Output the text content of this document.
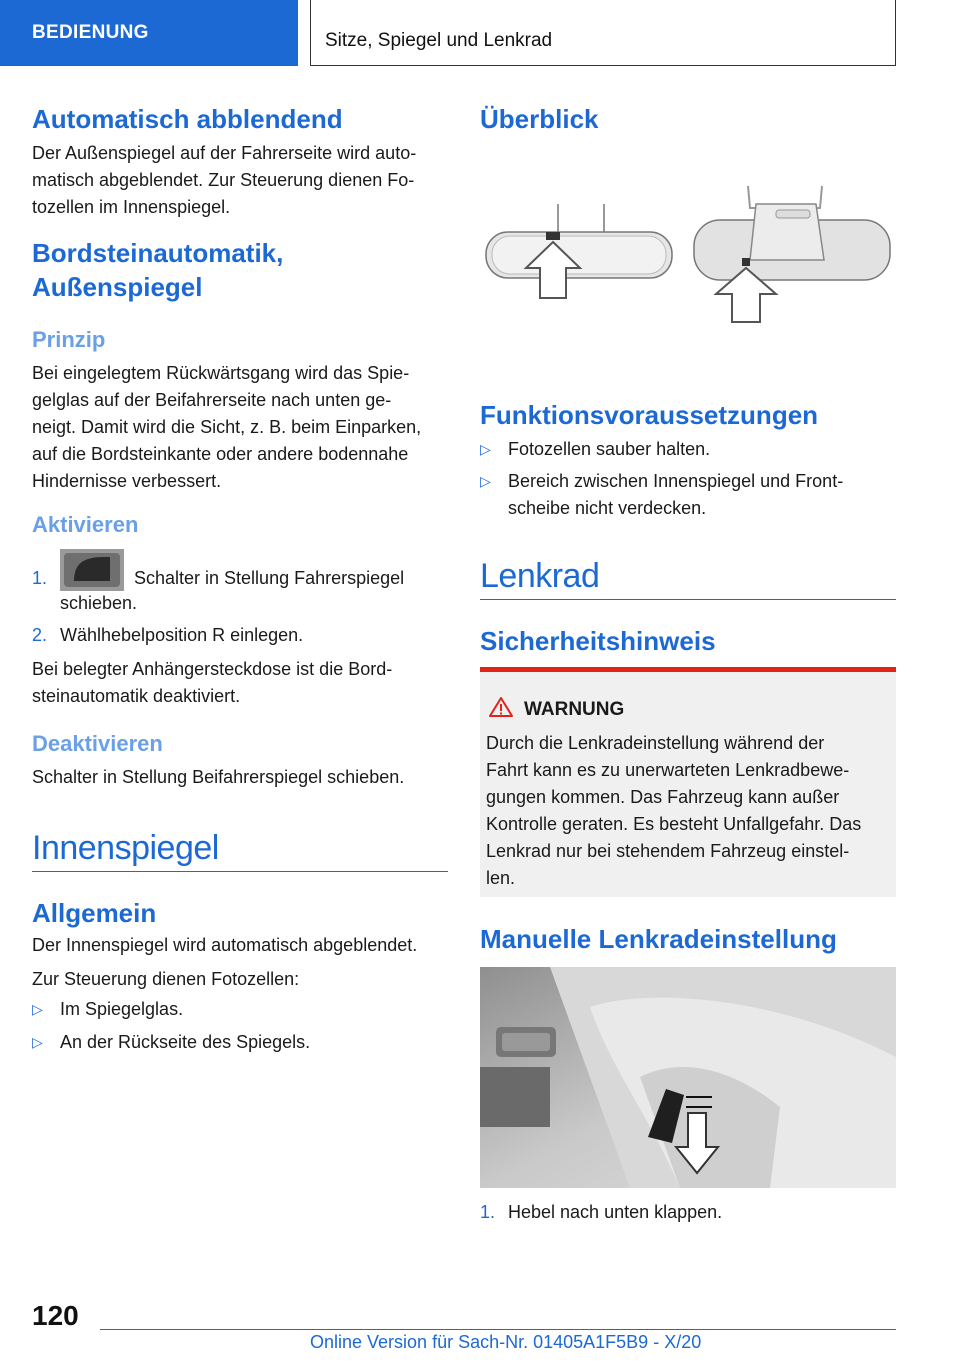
BEDIENUNG	Sitze, Spiegel und Lenkrad
Automatisch abblendend
Der Außenspiegel auf der Fahrerseite wird auto-
matisch abgeblendet. Zur Steuerung dienen Fo-
tozellen im Innenspiegel.
Bordsteinautomatik,
Außenspiegel
Prinzip
Bei eingelegtem Rückwärtsgang wird das Spie-
gelglas auf der Beifahrerseite nach unten ge-
neigt. Damit wird die Sicht, z. B. beim Einparken,
auf die Bordsteinkante oder andere bodennahe
Hindernisse verbessert.
Aktivieren
1.	Schalter in Stellung Fahrerspiegel
schieben.
2. Wählhebelposition R einlegen.
Bei belegter Anhängersteckdose ist die Bord-
steinautomatik deaktiviert.
Deaktivieren
Schalter in Stellung Beifahrerspiegel schieben.
Innenspiegel
Allgemein
Der Innenspiegel wird automatisch abgeblendet.
Zur Steuerung dienen Fotozellen:
▷ Im Spiegelglas.
▷ An der Rückseite des Spiegels.
Überblick
Funktionsvoraussetzungen
▷ Fotozellen sauber halten.
▷ Bereich zwischen Innenspiegel und Front-
scheibe nicht verdecken.
Lenkrad
Sicherheitshinweis
WARNUNG
Durch die Lenkradeinstellung während der
Fahrt kann es zu unerwarteten Lenkradbewe-
gungen kommen. Das Fahrzeug kann außer
Kontrolle geraten. Es besteht Unfallgefahr. Das
Lenkrad nur bei stehendem Fahrzeug einstel-
len.
Manuelle Lenkradeinstellung
1. Hebel nach unten klappen.
120
Online Version für Sach-Nr. 01405A1F5B9 - X/20
